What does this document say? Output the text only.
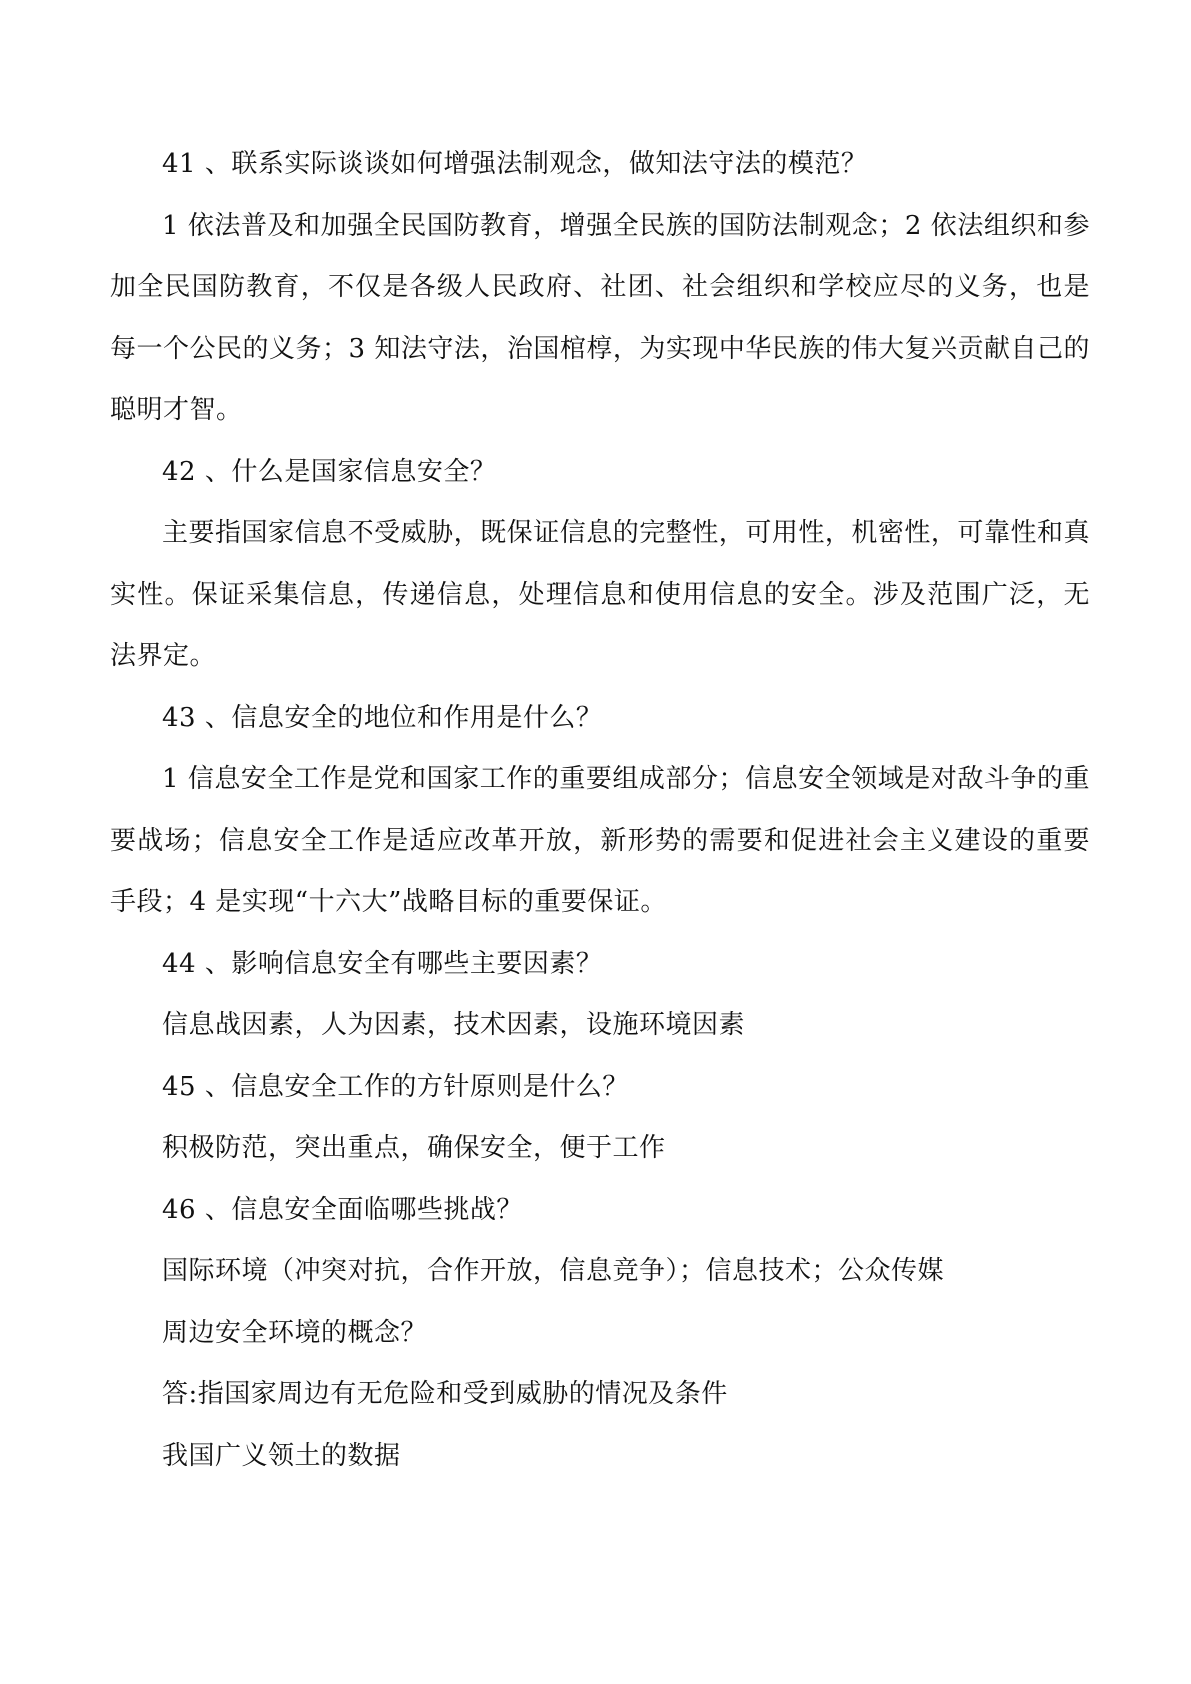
41 、联系实际谈谈如何增强法制观念，做知法守法的模范？

1 依法普及和加强全民国防教育，增强全民族的国防法制观念；2 依法组织和参加全民国防教育，不仅是各级人民政府、社团、社会组织和学校应尽的义务，也是每一个公民的义务；3 知法守法，治国棺椁，为实现中华民族的伟大复兴贡献自己的聪明才智。

42 、什么是国家信息安全？

主要指国家信息不受威胁，既保证信息的完整性，可用性，机密性，可靠性和真实性。保证采集信息，传递信息，处理信息和使用信息的安全。涉及范围广泛，无法界定。

43 、信息安全的地位和作用是什么？

1 信息安全工作是党和国家工作的重要组成部分；信息安全领域是对敌斗争的重要战场；信息安全工作是适应改革开放，新形势的需要和促进社会主义建设的重要手段；4 是实现“十六大”战略目标的重要保证。

44 、影响信息安全有哪些主要因素？

信息战因素，人为因素，技术因素，设施环境因素

45 、信息安全工作的方针原则是什么？

积极防范，突出重点，确保安全，便于工作

46 、信息安全面临哪些挑战？

国际环境（冲突对抗，合作开放，信息竞争）；信息技术；公众传媒

周边安全环境的概念？

答:指国家周边有无危险和受到威胁的情况及条件

我国广义领土的数据
